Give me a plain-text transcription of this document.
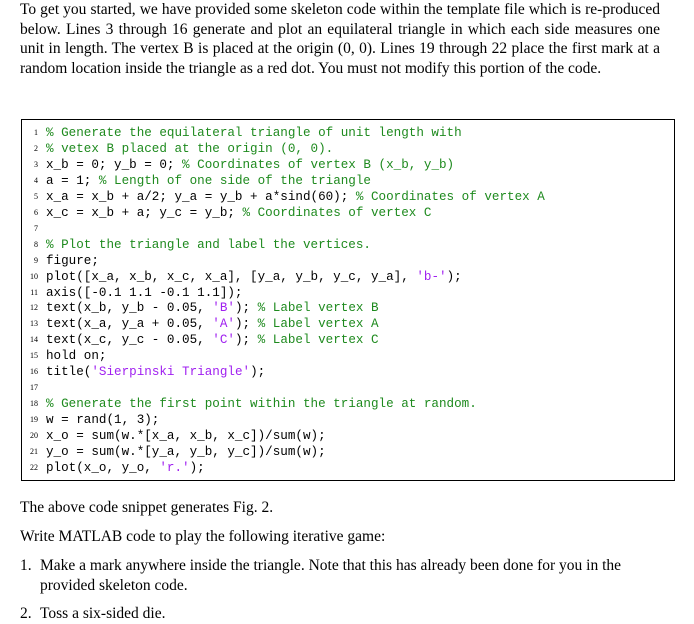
To get you started, we have provided some skeleton code within the template file which is re-produced below. Lines 3 through 16 generate and plot an equilateral triangle in which each side measures one unit in length. The vertex B is placed at the origin (0, 0). Lines 19 through 22 place the first mark at a random location inside the triangle as a red dot. You must not modify this portion of the code.

1 % Generate the equilateral triangle of unit length with
2 % vetex B placed at the origin (0, 0).
3 x_b = 0; y_b = 0; % Coordinates of vertex B (x_b, y_b)
4 a = 1; % Length of one side of the triangle
5 x_a = x_b + a/2; y_a = y_b + a*sind(60); % Coordinates of vertex A
6 x_c = x_b + a; y_c = y_b; % Coordinates of vertex C
7
8 % Plot the triangle and label the vertices.
9 figure;
10 plot([x_a, x_b, x_c, x_a], [y_a, y_b, y_c, y_a], 'b-');
11 axis([-0.1 1.1 -0.1 1.1]);
12 text(x_b, y_b - 0.05, 'B'); % Label vertex B
13 text(x_a, y_a + 0.05, 'A'); % Label vertex A
14 text(x_c, y_c - 0.05, 'C'); % Label vertex C
15 hold on;
16 title('Sierpinski Triangle');
17
18 % Generate the first point within the triangle at random.
19 w = rand(1, 3);
20 x_o = sum(w.*[x_a, x_b, x_c])/sum(w);
21 y_o = sum(w.*[y_a, y_b, y_c])/sum(w);
22 plot(x_o, y_o, 'r.');
The above code snippet generates Fig. 2.
Write MATLAB code to play the following iterative game:
1. Make a mark anywhere inside the triangle. Note that this has already been done for you in the provided skeleton code.
2. Toss a six-sided die.
